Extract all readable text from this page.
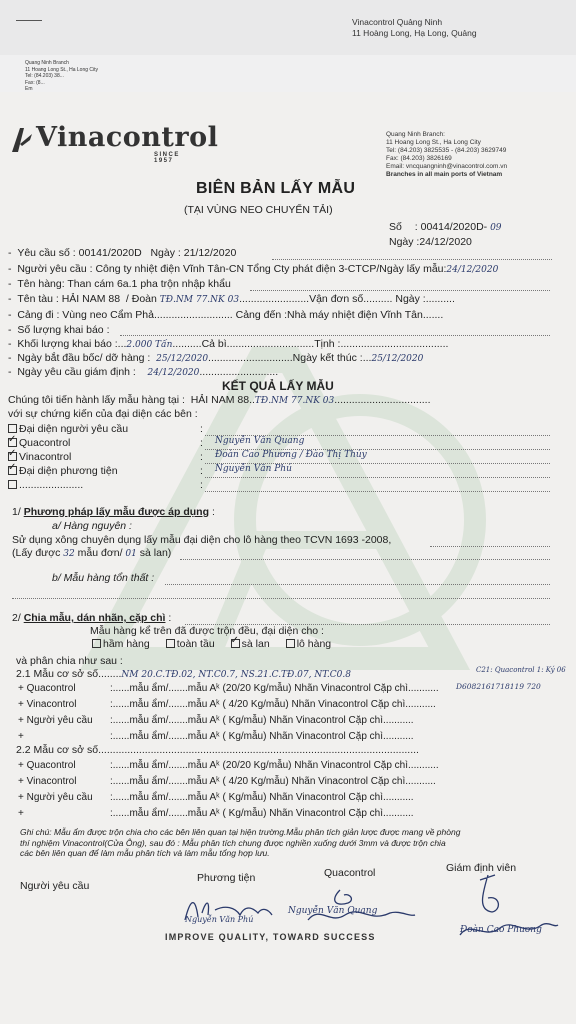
Vinacontrol Quảng Ninh
11 Hoàng Long, Hạ Long, Quảng
Quang Ninh Branch
11 Hoang Long St., Ha Long City
Tel: (84.203) 38...
Fax: (8...
Em
Vinacontrol
SINCE 1957
Quang Ninh Branch:
11 Hoang Long St., Ha Long City
Tel: (84.203) 3825535 - (84.203) 3629749
Fax: (84.203) 3826169
Email: vncquangninh@vinacontrol.com.vn
Branches in all main ports of Vietnam
BIÊN BẢN LẤY MẪU
(TẠI VÙNG NEO CHUYỂN TẢI)
Số : 00414/2020D- 09
Ngày :24/12/2020
-  Yêu cầu số : 00141/2020D Ngày : 21/12/2020
-  Người yêu cầu : Công ty nhiệt điện Vĩnh Tân-CN Tổng Cty phát điện 3-CTCP/Ngày lấy mẫu:24/12/2020
-  Tên hàng: Than cám 6a.1 pha trộn nhập khẩu
-  Tên tàu : HẢI NAM 88 / Đoàn TĐ.NM 77.NK 03........................Vận đơn số.......... Ngày :..........
-  Cảng đi : Vùng neo Cẩm Phả........................... Cảng đến :Nhà máy nhiệt điện Vĩnh Tân.......
-  Số lượng khai báo :
-  Khối lượng khai báo :...2.000 Tấn..........Cả bì..............................Tịnh :.....................................
-  Ngày bắt đầu bốc/ dỡ hàng : 25/12/2020.............................Ngày kết thúc :...25/12/2020
-  Ngày yêu cầu giám định : 24/12/2020...........................
KẾT QUẢ LẤY MẪU
Chúng tôi tiến hành lấy mẫu hàng tại : HẢI NAM 88..TĐ.NM 77.NK 03.................................
với sự chứng kiến của đại diện các bên :
Đại diện người yêu cầu	:
✓Quacontrol	: Nguyễn Văn Quang
✓Vinacontrol	: Đoàn Cao Phương / Đào Thị Thúy
✓Đại diện phương tiện	: Nguyễn Văn Phú
......................	:
1/ Phương pháp lấy mẫu được áp dụng :
a/ Hàng nguyên :
Sử dụng xông chuyên dụng lấy mẫu đại diện cho lô hàng theo TCVN 1693 -2008,
(Lấy được 32 mẫu đơn/ 01 sà lan)
b/ Mẫu hàng tổn thất :
2/ Chia mẫu, dán nhãn, cặp chì :
Mẫu hàng kể trên đã được trộn đều, đại diện cho :
hầm hàng	toàn tầu✓	sà lan	lô hàng
và phân chia như sau :
2.1 Mẫu cơ sở số........NM 20.C.TĐ.02, NT.C0.7, NS.21.C.TĐ.07, NT.C0.8	C21: Quacontrol 1: Ký 06
+ Quacontrol	:......mẫu ẩm/.......mẫu Aᵏ (20/20 Kg/mẫu) Nhãn Vinacontrol Cặp chì........... D6082161718119 720
+ Vinacontrol	:......mẫu ẩm/.......mẫu Aᵏ ( 4/20 Kg/mẫu) Nhãn Vinacontrol Cặp chì...........
+ Người yêu cầu :......mẫu ẩm/.......mẫu Aᵏ ( Kg/mẫu) Nhãn Vinacontrol Cặp chì...........
+	:......mẫu ẩm/.......mẫu Aᵏ ( Kg/mẫu) Nhãn Vinacontrol Cặp chì...........
2.2 Mẫu cơ sở số..............................................................................................................
+ Quacontrol	:......mẫu ẩm/.......mẫu Aᵏ (20/20 Kg/mẫu) Nhãn Vinacontrol Cặp chì...........
+ Vinacontrol	:......mẫu ẩm/.......mẫu Aᵏ ( 4/20 Kg/mẫu) Nhãn Vinacontrol Cặp chì...........
+ Người yêu cầu :......mẫu ẩm/.......mẫu Aᵏ ( Kg/mẫu) Nhãn Vinacontrol Cặp chì...........
+	:......mẫu ẩm/.......mẫu Aᵏ ( Kg/mẫu) Nhãn Vinacontrol Cặp chì...........
Ghi chú: Mẫu ẩm được trộn chia cho các bên liên quan tại hiện trường.Mẫu phân tích giản lược được mang về phòng
thí nghiệm Vinacontrol(Cửa Ông), sau đó : Mẫu phân tích chung được nghiền xuống dưới 3mm và được trộn chia
các bên liên quan để làm mẫu phân tích và làm mẫu tổng hợp lưu.
Người yêu cầu
Phương tiện	Quacontrol	Giám định viên
Nguyễn Văn Quang
Nguyễn Văn Phú
Đoàn Cao Phương
IMPROVE QUALITY, TOWARD SUCCESS
